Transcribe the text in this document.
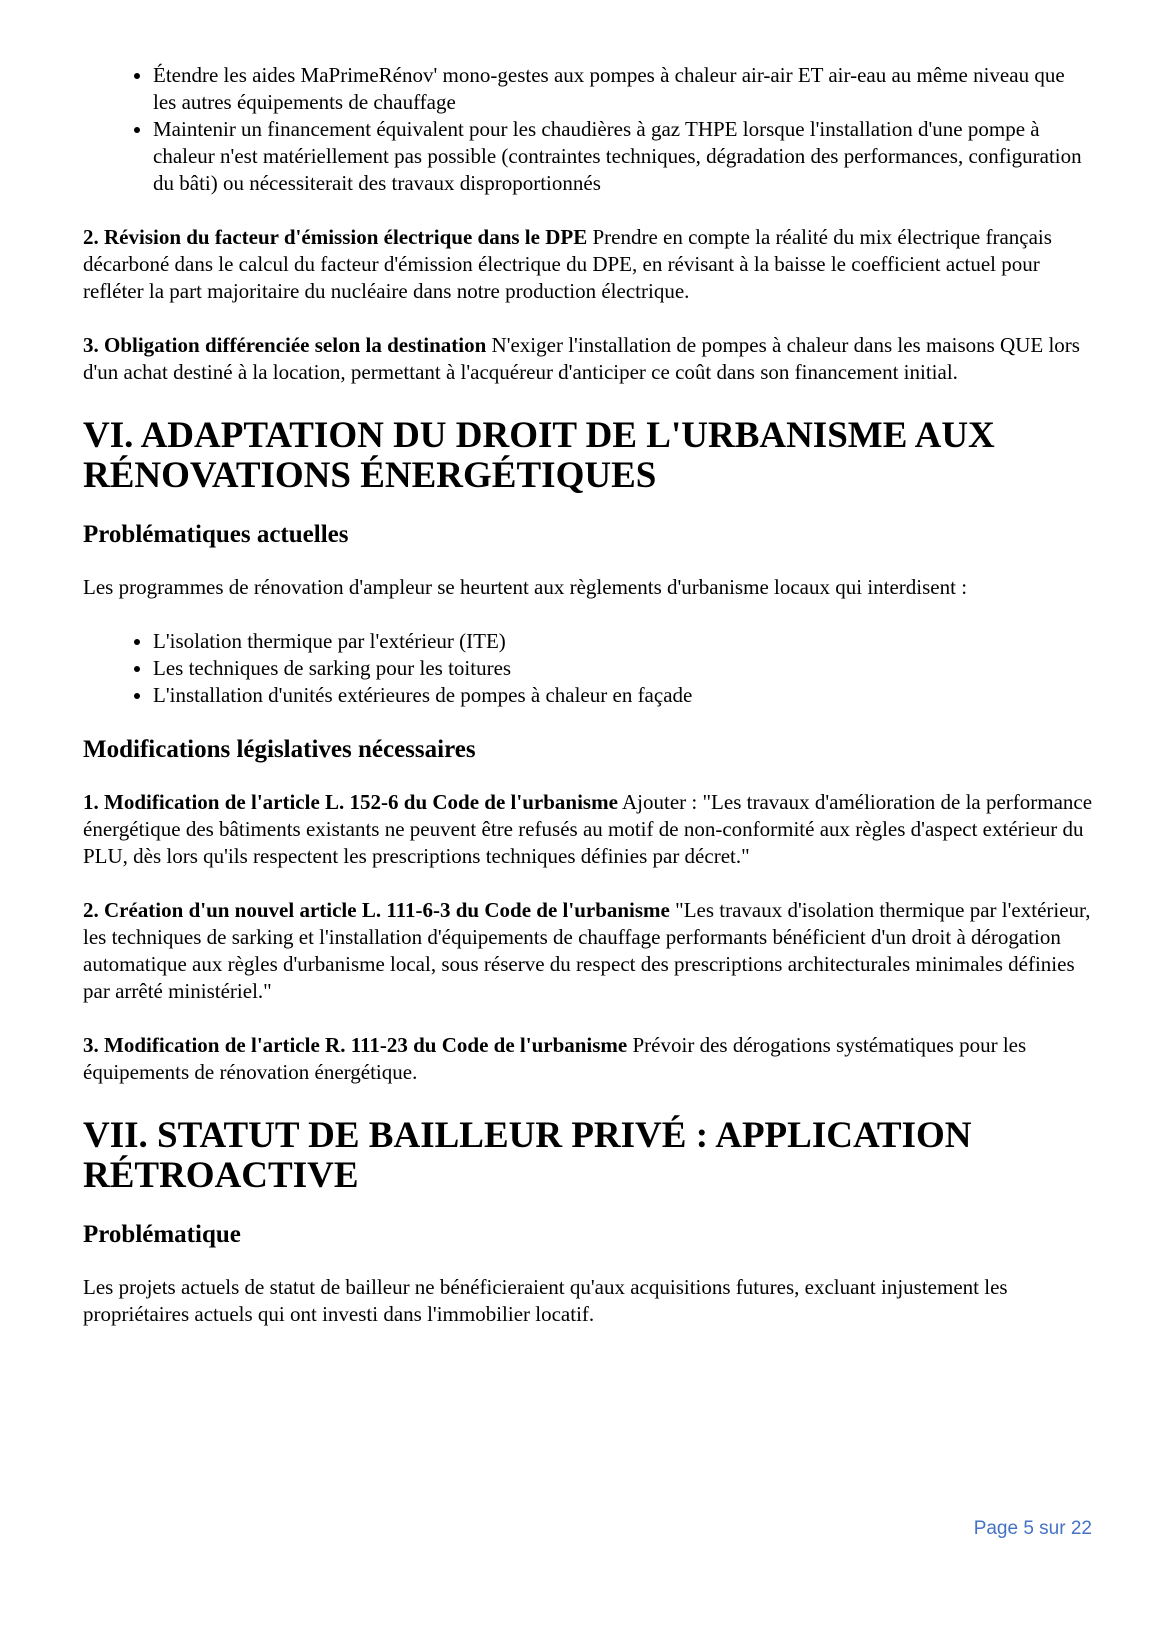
• Étendre les aides MaPrimeRénov' mono-gestes aux pompes à chaleur air-air ET air-eau au même niveau que les autres équipements de chauffage
• Maintenir un financement équivalent pour les chaudières à gaz THPE lorsque l'installation d'une pompe à chaleur n'est matériellement pas possible (contraintes techniques, dégradation des performances, configuration du bâti) ou nécessiterait des travaux disproportionnés

2. Révision du facteur d'émission électrique dans le DPE Prendre en compte la réalité du mix électrique français décarboné dans le calcul du facteur d'émission électrique du DPE, en révisant à la baisse le coefficient actuel pour refléter la part majoritaire du nucléaire dans notre production électrique.

3. Obligation différenciée selon la destination N'exiger l'installation de pompes à chaleur dans les maisons QUE lors d'un achat destiné à la location, permettant à l'acquéreur d'anticiper ce coût dans son financement initial.

VI. ADAPTATION DU DROIT DE L'URBANISME AUX RÉNOVATIONS ÉNERGÉTIQUES
Problématiques actuelles

Les programmes de rénovation d'ampleur se heurtent aux règlements d'urbanisme locaux qui interdisent :

• L'isolation thermique par l'extérieur (ITE)
• Les techniques de sarking pour les toitures
• L'installation d'unités extérieures de pompes à chaleur en façade
Modifications législatives nécessaires

1. Modification de l'article L. 152-6 du Code de l'urbanisme Ajouter : "Les travaux d'amélioration de la performance énergétique des bâtiments existants ne peuvent être refusés au motif de non-conformité aux règles d'aspect extérieur du PLU, dès lors qu'ils respectent les prescriptions techniques définies par décret."

2. Création d'un nouvel article L. 111-6-3 du Code de l'urbanisme "Les travaux d'isolation thermique par l'extérieur, les techniques de sarking et l'installation d'équipements de chauffage performants bénéficient d'un droit à dérogation automatique aux règles d'urbanisme local, sous réserve du respect des prescriptions architecturales minimales définies par arrêté ministériel."

3. Modification de l'article R. 111-23 du Code de l'urbanisme Prévoir des dérogations systématiques pour les équipements de rénovation énergétique.

VII. STATUT DE BAILLEUR PRIVÉ : APPLICATION RÉTROACTIVE
Problématique

Les projets actuels de statut de bailleur ne bénéficieraient qu'aux acquisitions futures, excluant injustement les propriétaires actuels qui ont investi dans l'immobilier locatif.

Page 5 sur 22
